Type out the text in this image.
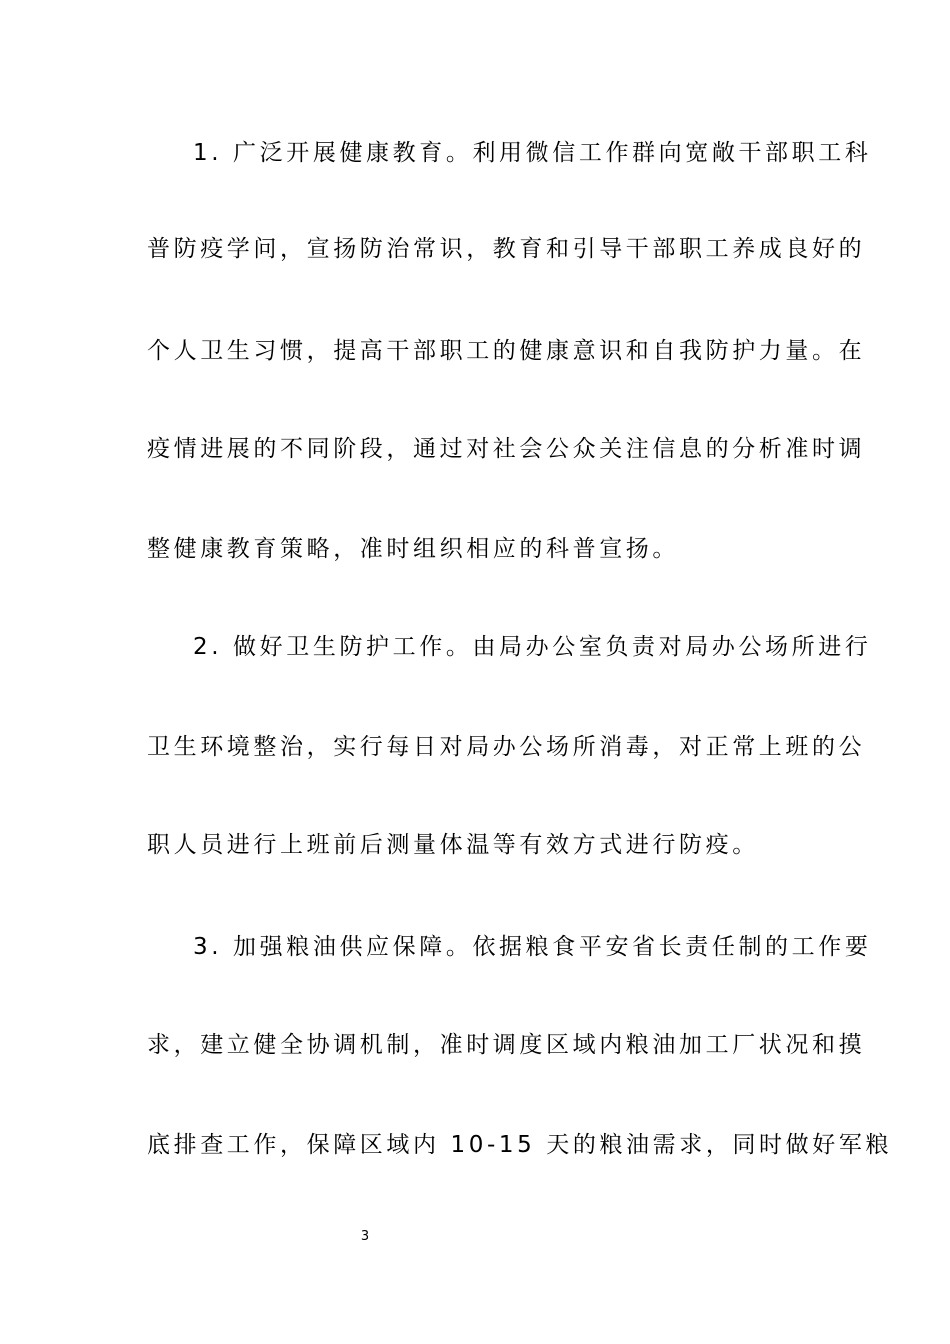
1. 广泛开展健康教育。利用微信工作群向宽敞干部职工科
普防疫学问，宣扬防治常识，教育和引导干部职工养成良好的
个人卫生习惯，提高干部职工的健康意识和自我防护力量。在
疫情进展的不同阶段，通过对社会公众关注信息的分析准时调
整健康教育策略，准时组织相应的科普宣扬。
2. 做好卫生防护工作。由局办公室负责对局办公场所进行
卫生环境整治，实行每日对局办公场所消毒，对正常上班的公
职人员进行上班前后测量体温等有效方式进行防疫。
3. 加强粮油供应保障。依据粮食平安省长责任制的工作要
求，建立健全协调机制，准时调度区域内粮油加工厂状况和摸
底排查工作，保障区域内 10-15 天的粮油需求，同时做好军粮
3
